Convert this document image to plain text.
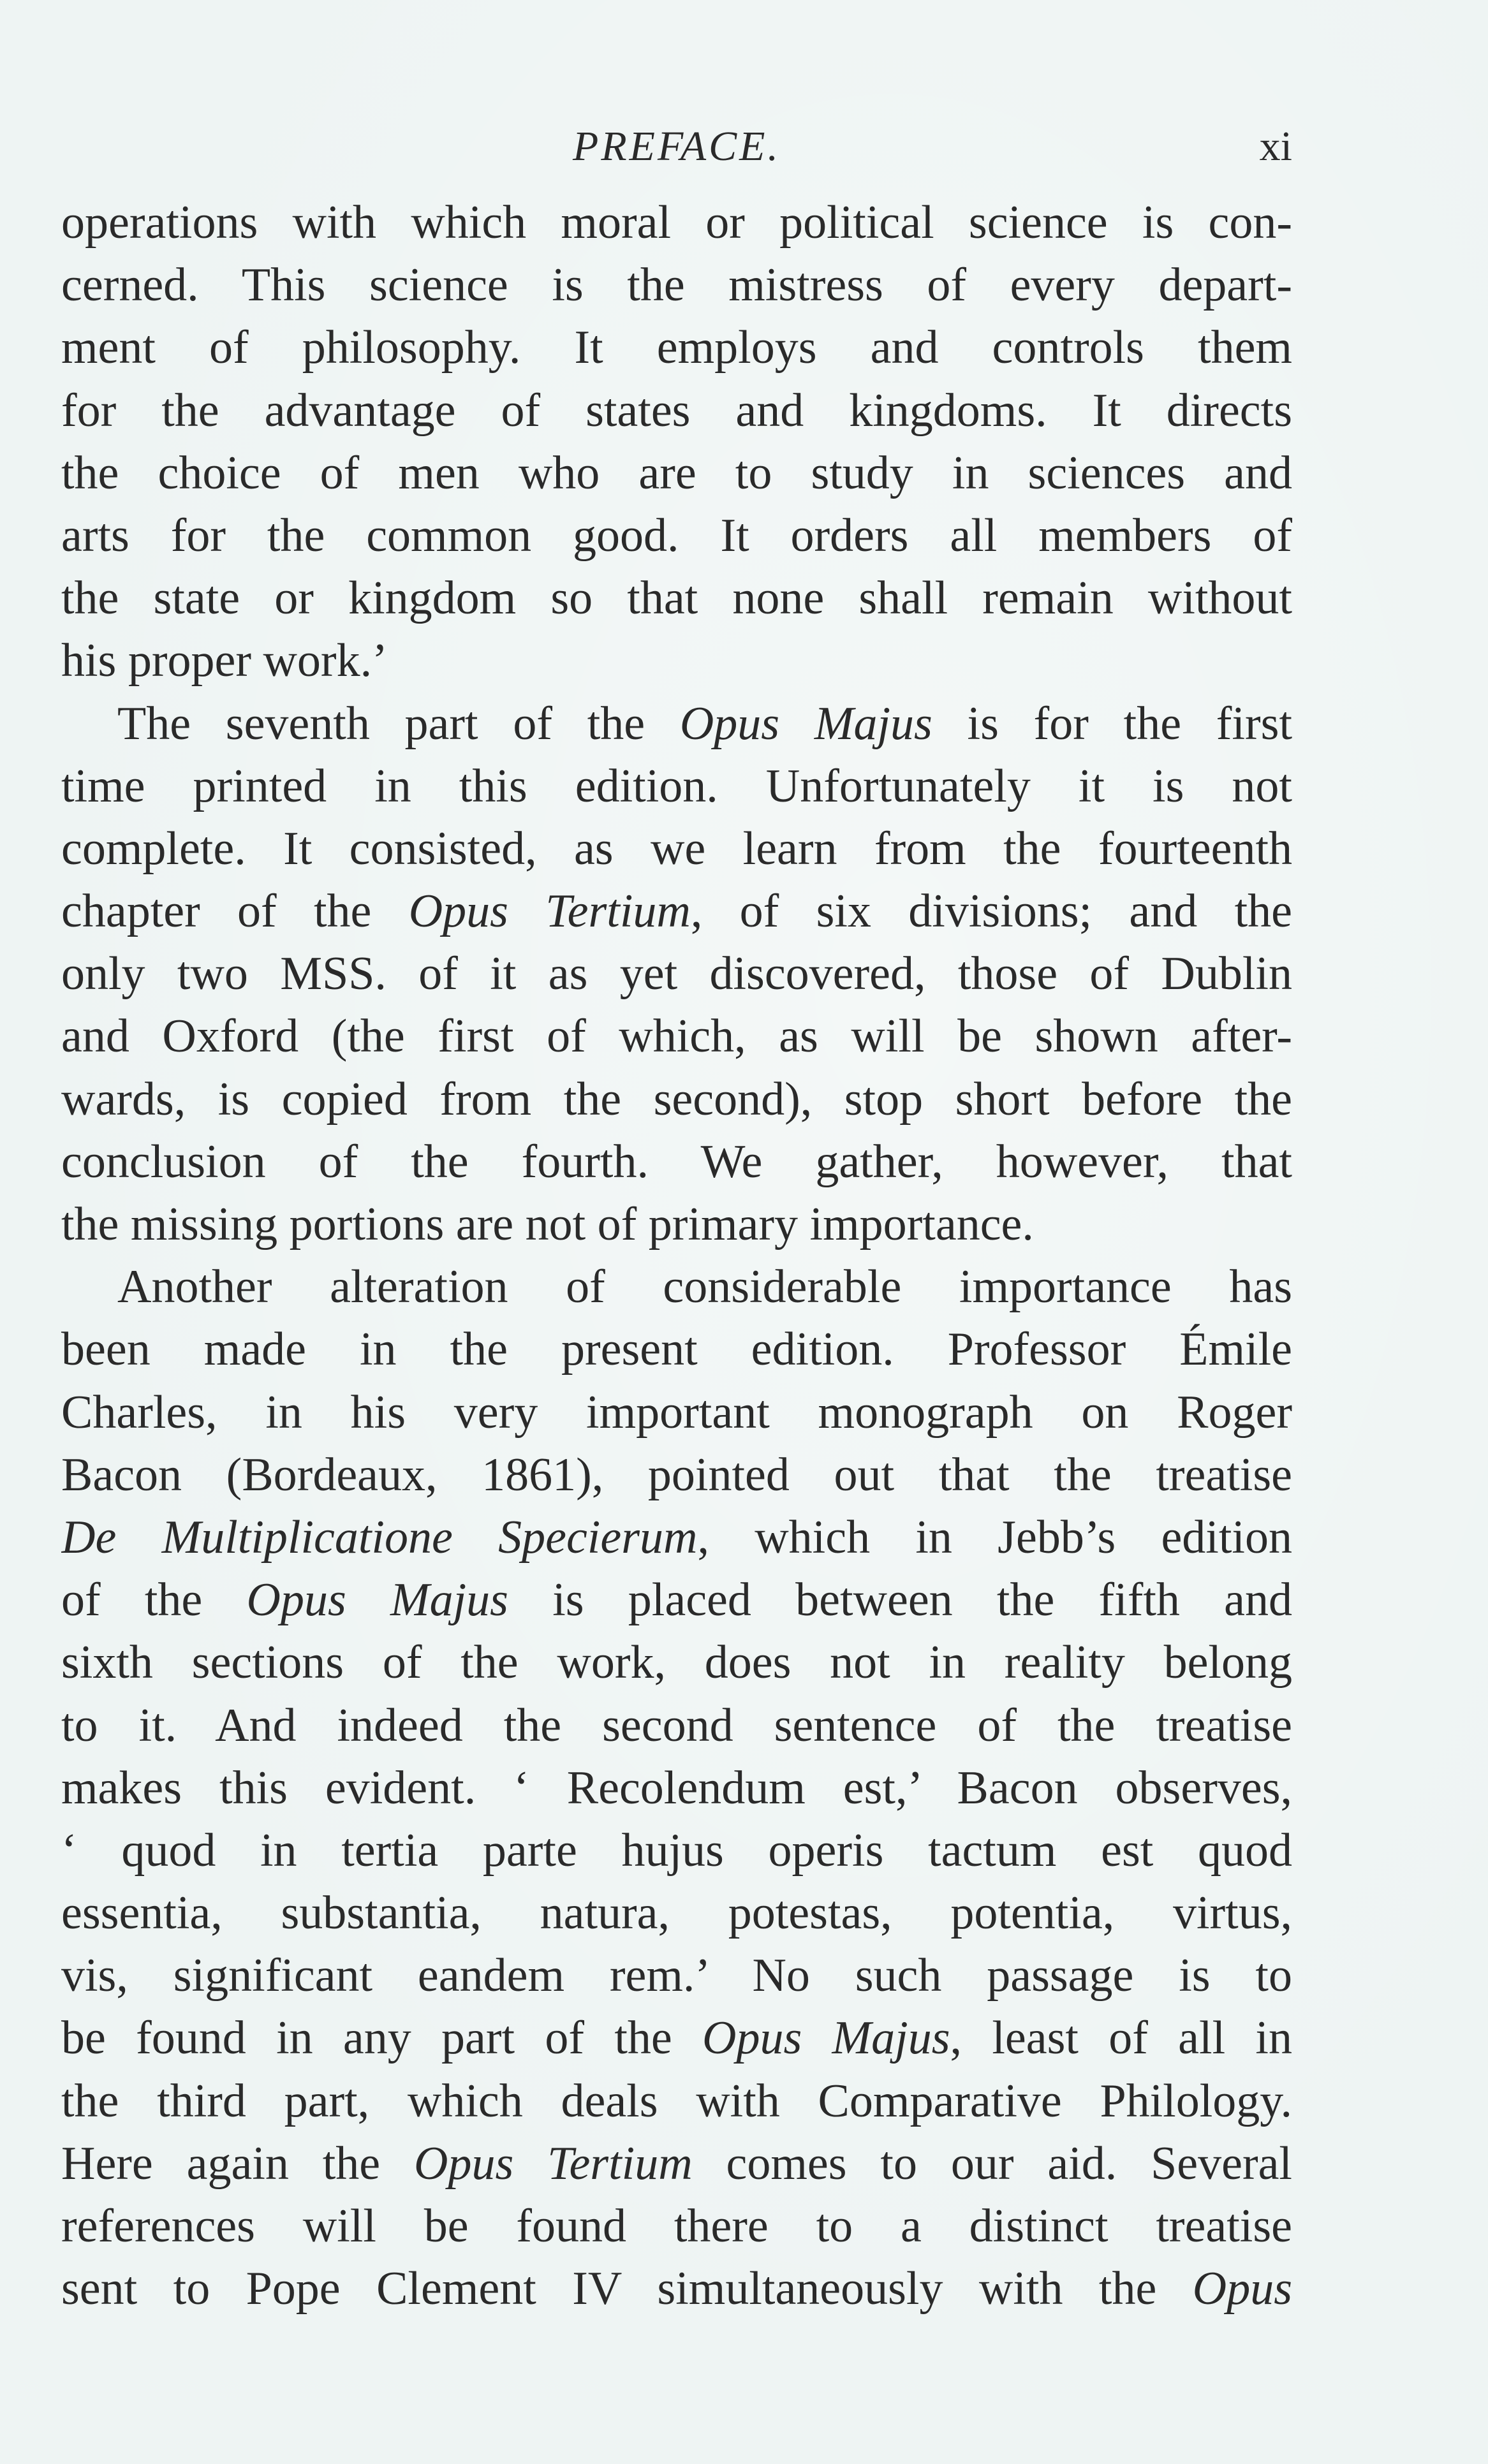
PREFACE.	xi
operations with which moral or political science is con-
cerned. This science is the mistress of every depart-
ment of philosophy. It employs and controls them
for the advantage of states and kingdoms. It directs
the choice of men who are to study in sciences and
arts for the common good. It orders all members of
the state or kingdom so that none shall remain without
his proper work.’
The seventh part of the Opus Majus is for the first
time printed in this edition. Unfortunately it is not
complete. It consisted, as we learn from the fourteenth
chapter of the Opus Tertium, of six divisions; and the
only two MSS. of it as yet discovered, those of Dublin
and Oxford (the first of which, as will be shown after-
wards, is copied from the second), stop short before the
conclusion of the fourth. We gather, however, that
the missing portions are not of primary importance.
Another alteration of considerable importance has
been made in the present edition. Professor Émile
Charles, in his very important monograph on Roger
Bacon (Bordeaux, 1861), pointed out that the treatise
De Multiplicatione Specierum, which in Jebb’s edition
of the Opus Majus is placed between the fifth and
sixth sections of the work, does not in reality belong
to it. And indeed the second sentence of the treatise
makes this evident. ‘ Recolendum est,’ Bacon observes,
‘ quod in tertia parte hujus operis tactum est quod
essentia, substantia, natura, potestas, potentia, virtus,
vis, significant eandem rem.’ No such passage is to
be found in any part of the Opus Majus, least of all in
the third part, which deals with Comparative Philology.
Here again the Opus Tertium comes to our aid. Several
references will be found there to a distinct treatise
sent to Pope Clement IV simultaneously with the Opus
